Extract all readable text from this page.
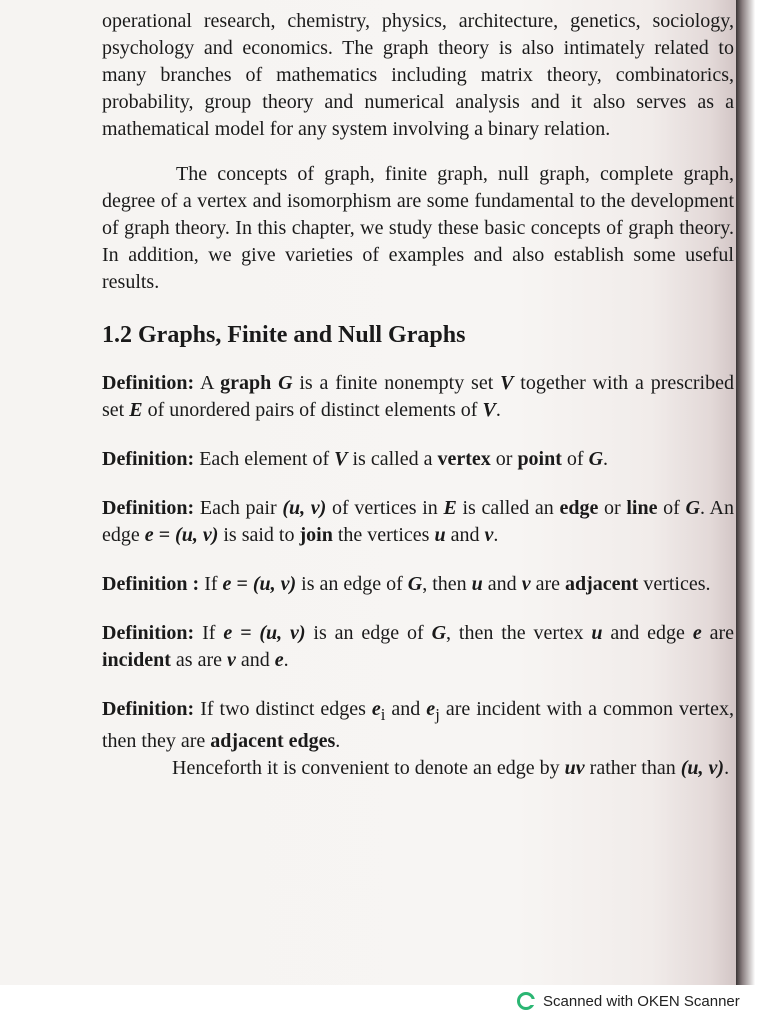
operational research, chemistry, physics, architecture, genetics, sociology, psychology and economics. The graph theory is also intimately related to many branches of mathematics including matrix theory, combinatorics, probability, group theory and numerical analysis and it also serves as a mathematical model for any system involving a binary relation.

The concepts of graph, finite graph, null graph, complete graph, degree of a vertex and isomorphism are some fundamental to the development of graph theory. In this chapter, we study these basic concepts of graph theory. In addition, we give varieties of examples and also establish some useful results.

1.2 Graphs, Finite and Null Graphs

Definition: A graph G is a finite nonempty set V together with a prescribed set E of unordered pairs of distinct elements of V.

Definition: Each element of V is called a vertex or point of G.

Definition: Each pair (u, v) of vertices in E is called an edge or line of G. An edge e = (u, v) is said to join the vertices u and v.

Definition : If e = (u, v) is an edge of G, then u and v are adjacent vertices.

Definition: If e = (u, v) is an edge of G, then the vertex u and edge e are incident as are v and e.

Definition: If two distinct edges $e_i$ and $e_j$ are incident with a common vertex, then they are adjacent edges.

Henceforth it is convenient to denote an edge by uv rather than (u, v).

Scanned with OKEN Scanner
